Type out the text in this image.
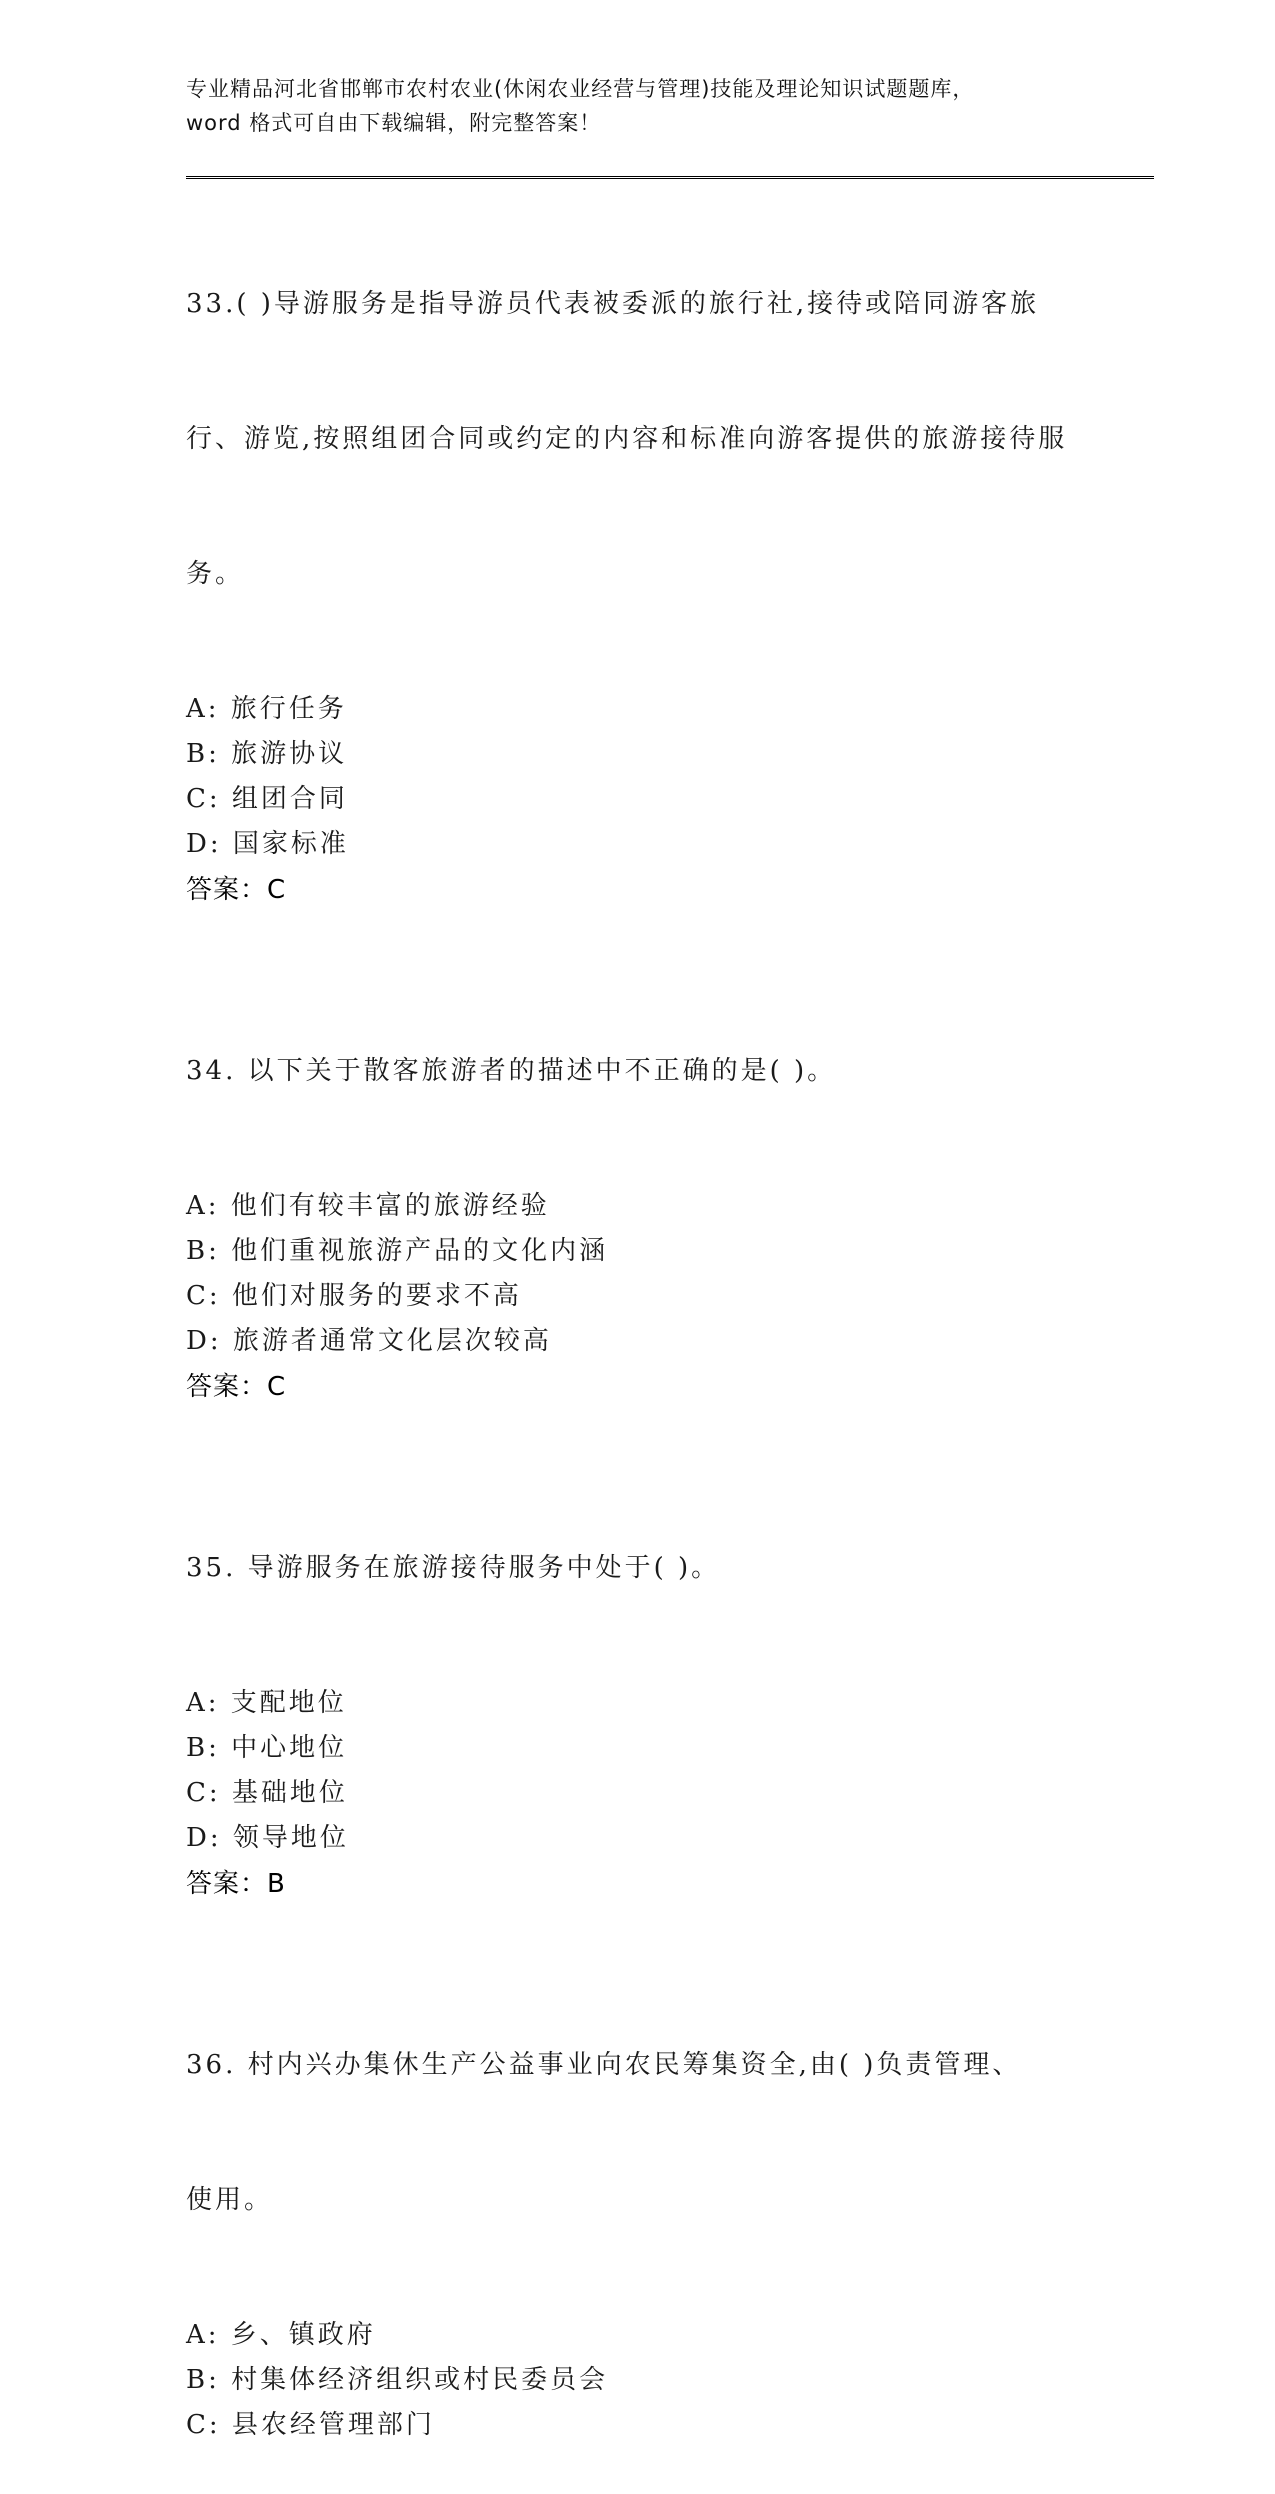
专业精品河北省邯郸市农村农业(休闲农业经营与管理)技能及理论知识试题题库，
word 格式可自由下载编辑，附完整答案！

33.( )导游服务是指导游员代表被委派的旅行社,接待或陪同游客旅

行、游览,按照组团合同或约定的内容和标准向游客提供的旅游接待服

务。

A: 旅行任务
B: 旅游协议
C: 组团合同
D: 国家标准
答案：C

34. 以下关于散客旅游者的描述中不正确的是( )。

A: 他们有较丰富的旅游经验
B: 他们重视旅游产品的文化内涵
C: 他们对服务的要求不高
D: 旅游者通常文化层次较高
答案：C

35. 导游服务在旅游接待服务中处于( )。

A: 支配地位
B: 中心地位
C: 基础地位
D: 领导地位
答案：B

36. 村内兴办集休生产公益事业向农民筹集资全,由( )负责管理、

使用。

A: 乡、镇政府
B: 村集体经济组织或村民委员会
C: 县农经管理部门
